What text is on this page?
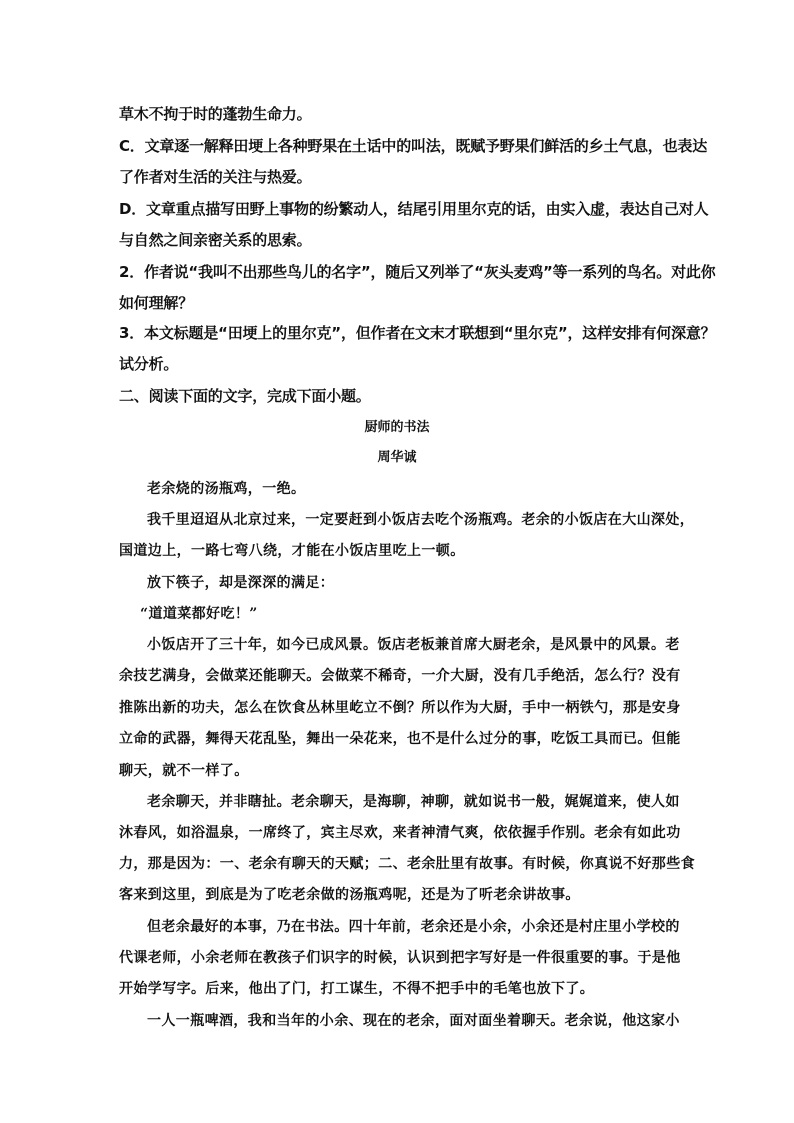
草木不拘于时的蓬勃生命力。
C．文章逐一解释田埂上各种野果在土话中的叫法，既赋予野果们鲜活的乡土气息，也表达
了作者对生活的关注与热爱。
D．文章重点描写田野上事物的纷繁动人，结尾引用里尔克的话，由实入虚，表达自己对人
与自然之间亲密关系的思索。
2．作者说“我叫不出那些鸟儿的名字”，随后又列举了“灰头麦鸡”等一系列的鸟名。对此你
如何理解？
3．本文标题是“田埂上的里尔克”，但作者在文末才联想到“里尔克”，这样安排有何深意？
试分析。
二、阅读下面的文字，完成下面小题。
厨师的书法
周华诚
老余烧的汤瓶鸡，一绝。
我千里迢迢从北京过来，一定要赶到小饭店去吃个汤瓶鸡。老余的小饭店在大山深处，
国道边上，一路七弯八绕，才能在小饭店里吃上一顿。
放下筷子，却是深深的满足：
“道道菜都好吃！”
小饭店开了三十年，如今已成风景。饭店老板兼首席大厨老余，是风景中的风景。老
余技艺满身，会做菜还能聊天。会做菜不稀奇，一介大厨，没有几手绝活，怎么行？没有
推陈出新的功夫，怎么在饮食丛林里屹立不倒？所以作为大厨，手中一柄铁勺，那是安身
立命的武器，舞得天花乱坠，舞出一朵花来，也不是什么过分的事，吃饭工具而已。但能
聊天，就不一样了。
老余聊天，并非瞎扯。老余聊天，是海聊，神聊，就如说书一般，娓娓道来，使人如
沐春风，如浴温泉，一席终了，宾主尽欢，来者神清气爽，依依握手作别。老余有如此功
力，那是因为：一、老余有聊天的天赋；二、老余肚里有故事。有时候，你真说不好那些食
客来到这里，到底是为了吃老余做的汤瓶鸡呢，还是为了听老余讲故事。
但老余最好的本事，乃在书法。四十年前，老余还是小余，小余还是村庄里小学校的
代课老师，小余老师在教孩子们识字的时候，认识到把字写好是一件很重要的事。于是他
开始学写字。后来，他出了门，打工谋生，不得不把手中的毛笔也放下了。
一人一瓶啤酒，我和当年的小余、现在的老余，面对面坐着聊天。老余说，他这家小
